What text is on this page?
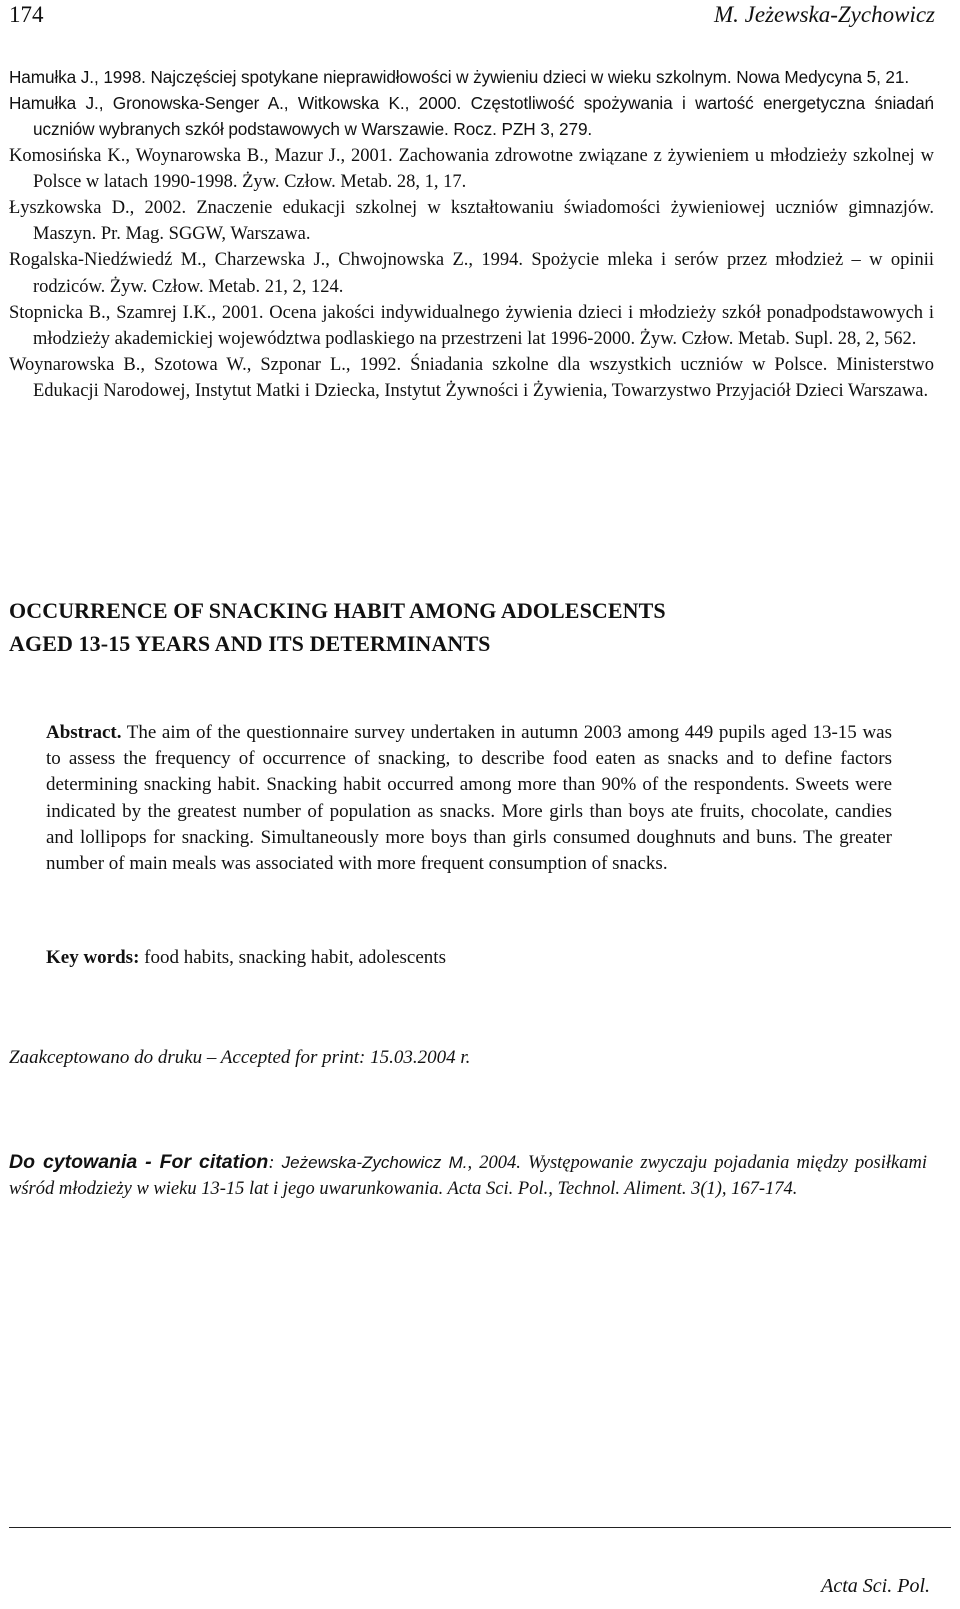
174	M. Jeżewska-Zychowicz

Hamułka J., 1998. Najczęściej spotykane nieprawidłowości w żywieniu dzieci w wieku szkolnym. Nowa Medycyna 5, 21.

Hamułka J., Gronowska-Senger A., Witkowska K., 2000. Częstotliwość spożywania i wartość energetyczna śniadań uczniów wybranych szkół podstawowych w Warszawie. Rocz. PZH 3, 279.

Komosińska K., Woynarowska B., Mazur J., 2001. Zachowania zdrowotne związane z żywieniem u młodzieży szkolnej w Polsce w latach 1990-1998. Żyw. Człow. Metab. 28, 1, 17.

Łyszkowska D., 2002. Znaczenie edukacji szkolnej w kształtowaniu świadomości żywieniowej uczniów gimnazjów. Maszyn. Pr. Mag. SGGW, Warszawa.

Rogalska-Niedźwiedź M., Charzewska J., Chwojnowska Z., 1994. Spożycie mleka i serów przez młodzież – w opinii rodziców. Żyw. Człow. Metab. 21, 2, 124.

Stopnicka B., Szamrej I.K., 2001. Ocena jakości indywidualnego żywienia dzieci i młodzieży szkół ponadpodstawowych i młodzieży akademickiej województwa podlaskiego na przestrzeni lat 1996-2000. Żyw. Człow. Metab. Supl. 28, 2, 562.

Woynarowska B., Szotowa W., Szponar L., 1992. Śniadania szkolne dla wszystkich uczniów w Polsce. Ministerstwo Edukacji Narodowej, Instytut Matki i Dziecka, Instytut Żywności i Żywienia, Towarzystwo Przyjaciół Dzieci Warszawa.

OCCURRENCE OF SNACKING HABIT AMONG ADOLESCENTS
AGED 13-15 YEARS AND ITS DETERMINANTS

Abstract. The aim of the questionnaire survey undertaken in autumn 2003 among 449 pupils aged 13-15 was to assess the frequency of occurrence of snacking, to describe food eaten as snacks and to define factors determining snacking habit. Snacking habit occurred among more than 90% of the respondents. Sweets were indicated by the greatest number of population as snacks. More girls than boys ate fruits, chocolate, candies and lollipops for snacking. Simultaneously more boys than girls consumed doughnuts and buns. The greater number of main meals was associated with more frequent consumption of snacks.

Key words: food habits, snacking habit, adolescents

Zaakceptowano do druku – Accepted for print: 15.03.2004 r.

Do cytowania - For citation: Jeżewska-Zychowicz M., 2004. Występowanie zwyczaju pojadania między posiłkami wśród młodzieży w wieku 13-15 lat i jego uwarunkowania. Acta Sci. Pol., Technol. Aliment. 3(1), 167-174.

Acta Sci. Pol.
